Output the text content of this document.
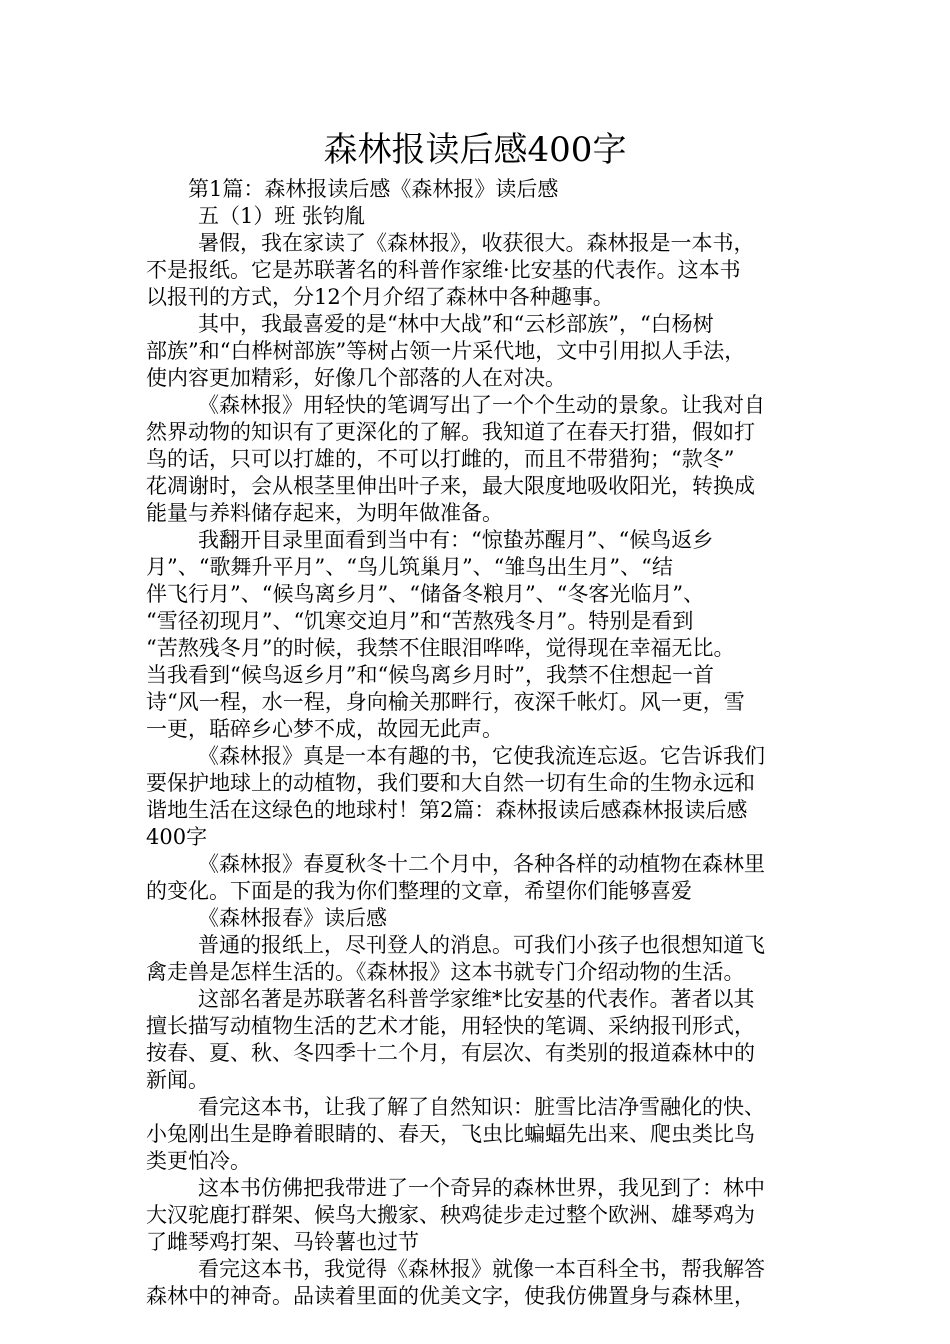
森林报读后感400字
第1篇：森林报读后感《森林报》读后感
五（1）班 张钧胤
暑假，我在家读了《森林报》，收获很大。森林报是一本书，
不是报纸。它是苏联著名的科普作家维·比安基的代表作。这本书
以报刊的方式，分12个月介绍了森林中各种趣事。
其中，我最喜爱的是“林中大战”和“云杉部族”，“白杨树
部族”和“白桦树部族”等树占领一片采代地，文中引用拟人手法，
使内容更加精彩，好像几个部落的人在对决。
《森林报》用轻快的笔调写出了一个个生动的景象。让我对自
然界动物的知识有了更深化的了解。我知道了在春天打猎，假如打
鸟的话，只可以打雄的，不可以打雌的，而且不带猎狗；“款冬”
花凋谢时，会从根茎里伸出叶子来，最大限度地吸收阳光，转换成
能量与养料储存起来，为明年做准备。
我翻开目录里面看到当中有：“惊蛰苏醒月”、“候鸟返乡
月”、“歌舞升平月”、“鸟儿筑巢月”、“雏鸟出生月”、“结
伴飞行月”、“候鸟离乡月”、“储备冬粮月”、“冬客光临月”、
“雪径初现月”、“饥寒交迫月”和“苦熬残冬月”。特别是看到
“苦熬残冬月”的时候，我禁不住眼泪哗哗，觉得现在幸福无比。
当我看到“候鸟返乡月”和“候鸟离乡月时”，我禁不住想起一首
诗“风一程，水一程，身向榆关那畔行，夜深千帐灯。风一更，雪
一更，聒碎乡心梦不成，故园无此声。
《森林报》真是一本有趣的书，它使我流连忘返。它告诉我们
要保护地球上的动植物，我们要和大自然一切有生命的生物永远和
谐地生活在这绿色的地球村！第2篇：森林报读后感森林报读后感
400字
《森林报》春夏秋冬十二个月中，各种各样的动植物在森林里
的变化。下面是的我为你们整理的文章，希望你们能够喜爱
《森林报春》读后感
普通的报纸上，尽刊登人的消息。可我们小孩子也很想知道飞
禽走兽是怎样生活的。《森林报》这本书就专门介绍动物的生活。
这部名著是苏联著名科普学家维*比安基的代表作。著者以其
擅长描写动植物生活的艺术才能，用轻快的笔调、采纳报刊形式，
按春、夏、秋、冬四季十二个月，有层次、有类别的报道森林中的
新闻。
看完这本书，让我了解了自然知识：脏雪比洁净雪融化的快、
小兔刚出生是睁着眼睛的、春天，飞虫比蝙蝠先出来、爬虫类比鸟
类更怕冷。
这本书仿佛把我带进了一个奇异的森林世界，我见到了：林中
大汉驼鹿打群架、候鸟大搬家、秧鸡徒步走过整个欧洲、雄琴鸡为
了雌琴鸡打架、马铃薯也过节
看完这本书，我觉得《森林报》就像一本百科全书，帮我解答
森林中的神奇。品读着里面的优美文字，使我仿佛置身与森林里，
